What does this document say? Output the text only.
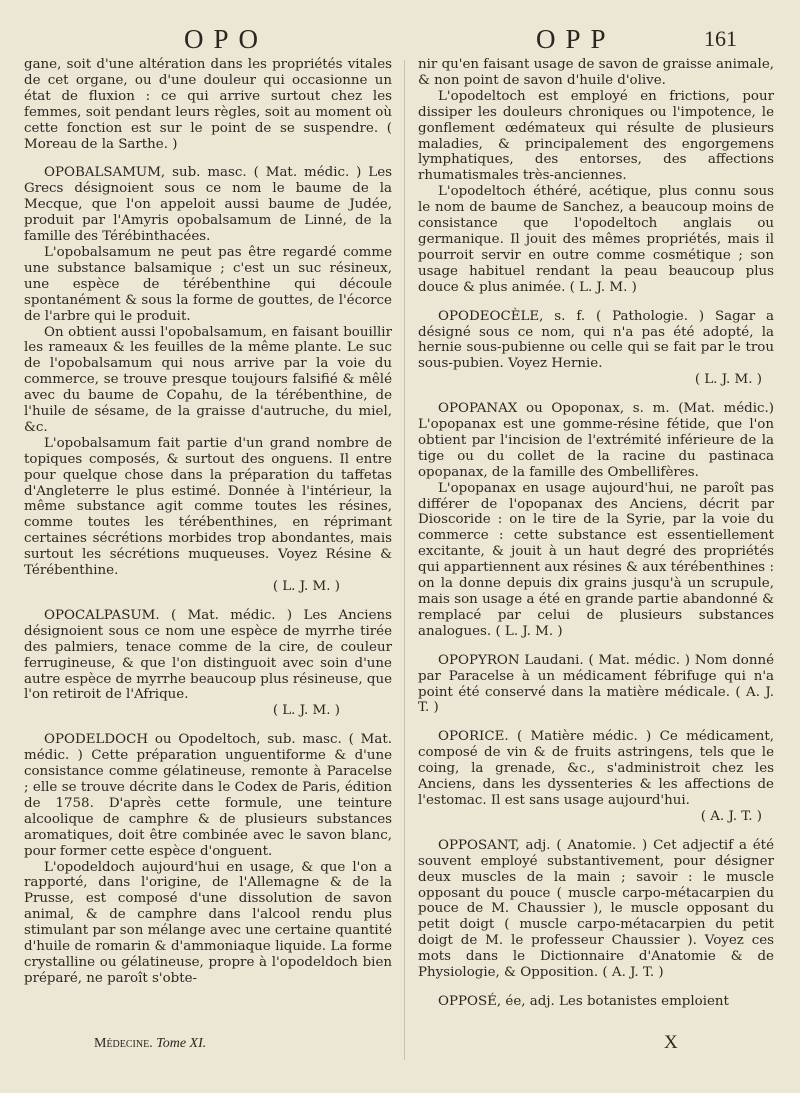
OPO	OPP	161

gane, soit d'une altération dans les propriétés vitales de cet organe, ou d'une douleur qui occasionne un état de fluxion : ce qui arrive surtout chez les femmes, soit pendant leurs règles, soit au moment où cette fonction est sur le point de se suspendre. ( Moreau de la Sarthe. )

OPOBALSAMUM, sub. masc. ( Mat. médic. ) Les Grecs désignoient sous ce nom le baume de la Mecque, que l'on appeloit aussi baume de Judée, produit par l'Amyris opobalsamum de Linné, de la famille des Térébinthacées.

L'opobalsamum ne peut pas être regardé comme une substance balsamique ; c'est un suc résineux, une espèce de térébenthine qui découle spontanément & sous la forme de gouttes, de l'écorce de l'arbre qui le produit.

On obtient aussi l'opobalsamum, en faisant bouillir les rameaux & les feuilles de la même plante. Le suc de l'opobalsamum qui nous arrive par la voie du commerce, se trouve presque toujours falsifié & mêlé avec du baume de Copahu, de la térébenthine, de l'huile de sésame, de la graisse d'autruche, du miel, &c.

L'opobalsamum fait partie d'un grand nombre de topiques composés, & surtout des onguens. Il entre pour quelque chose dans la préparation du taffetas d'Angleterre le plus estimé. Donnée à l'intérieur, la même substance agit comme toutes les résines, comme toutes les térébenthines, en réprimant certaines sécrétions morbides trop abondantes, mais surtout les sécrétions muqueuses. Voyez Résine & Térébenthine.

( L. J. M. )

OPOCALPASUM. ( Mat. médic. ) Les Anciens désignoient sous ce nom une espèce de myrrhe tirée des palmiers, tenace comme de la cire, de couleur ferrugineuse, & que l'on distinguoit avec soin d'une autre espèce de myrrhe beaucoup plus résineuse, que l'on retiroit de l'Afrique.

( L. J. M. )

OPODELDOCH ou Opodeltoch, sub. masc. ( Mat. médic. ) Cette préparation unguentiforme & d'une consistance comme gélatineuse, remonte à Paracelse ; elle se trouve décrite dans le Codex de Paris, édition de 1758. D'après cette formule, une teinture alcoolique de camphre & de plusieurs substances aromatiques, doit être combinée avec le savon blanc, pour former cette espèce d'onguent.

L'opodeldoch aujourd'hui en usage, & que l'on a rapporté, dans l'origine, de l'Allemagne & de la Prusse, est composé d'une dissolution de savon animal, & de camphre dans l'alcool rendu plus stimulant par son mélange avec une certaine quantité d'huile de romarin & d'ammoniaque liquide. La forme crystalline ou gélatineuse, propre à l'opodeldoch bien préparé, ne paroît s'obte-

nir qu'en faisant usage de savon de graisse animale, & non point de savon d'huile d'olive.

L'opodeltoch est employé en frictions, pour dissiper les douleurs chroniques ou l'impotence, le gonflement œdémateux qui résulte de plusieurs maladies, & principalement des engorgemens lymphatiques, des entorses, des affections rhumatismales très-anciennes.

L'opodeltoch éthéré, acétique, plus connu sous le nom de baume de Sanchez, a beaucoup moins de consistance que l'opodeltoch anglais ou germanique. Il jouit des mêmes propriétés, mais il pourroit servir en outre comme cosmétique ; son usage habituel rendant la peau beaucoup plus douce & plus animée. ( L. J. M. )

OPODEOCÈLE, s. f. ( Pathologie. ) Sagar a désigné sous ce nom, qui n'a pas été adopté, la hernie sous-pubienne ou celle qui se fait par le trou sous-pubien. Voyez Hernie.

( L. J. M. )

OPOPANAX ou Opoponax, s. m. (Mat. médic.) L'opopanax est une gomme-résine fétide, que l'on obtient par l'incision de l'extrémité inférieure de la tige ou du collet de la racine du pastinaca opopanax, de la famille des Ombellifères.

L'opopanax en usage aujourd'hui, ne paroît pas différer de l'opopanax des Anciens, décrit par Dioscoride : on le tire de la Syrie, par la voie du commerce : cette substance est essentiellement excitante, & jouit à un haut degré des propriétés qui appartiennent aux résines & aux térébenthines : on la donne depuis dix grains jusqu'à un scrupule, mais son usage a été en grande partie abandonné & remplacé par celui de plusieurs substances analogues. ( L. J. M. )

OPOPYRON Laudani. ( Mat. médic. ) Nom donné par Paracelse à un médicament fébrifuge qui n'a point été conservé dans la matière médicale. ( A. J. T. )

OPORICE. ( Matière médic. ) Ce médicament, composé de vin & de fruits astringens, tels que le coing, la grenade, &c., s'administroit chez les Anciens, dans les dyssenteries & les affections de l'estomac. Il est sans usage aujourd'hui.

( A. J. T. )

OPPOSANT, adj. ( Anatomie. ) Cet adjectif a été souvent employé substantivement, pour désigner deux muscles de la main ; savoir : le muscle opposant du pouce ( muscle carpo-métacarpien du pouce de M. Chaussier ), le muscle opposant du petit doigt ( muscle carpo-métacarpien du petit doigt de M. le professeur Chaussier ). Voyez ces mots dans le Dictionnaire d'Anatomie & de Physiologie, & Opposition. ( A. J. T. )

OPPOSÉ, ée, adj. Les botanistes emploient

Médecine. Tome XI.	X
